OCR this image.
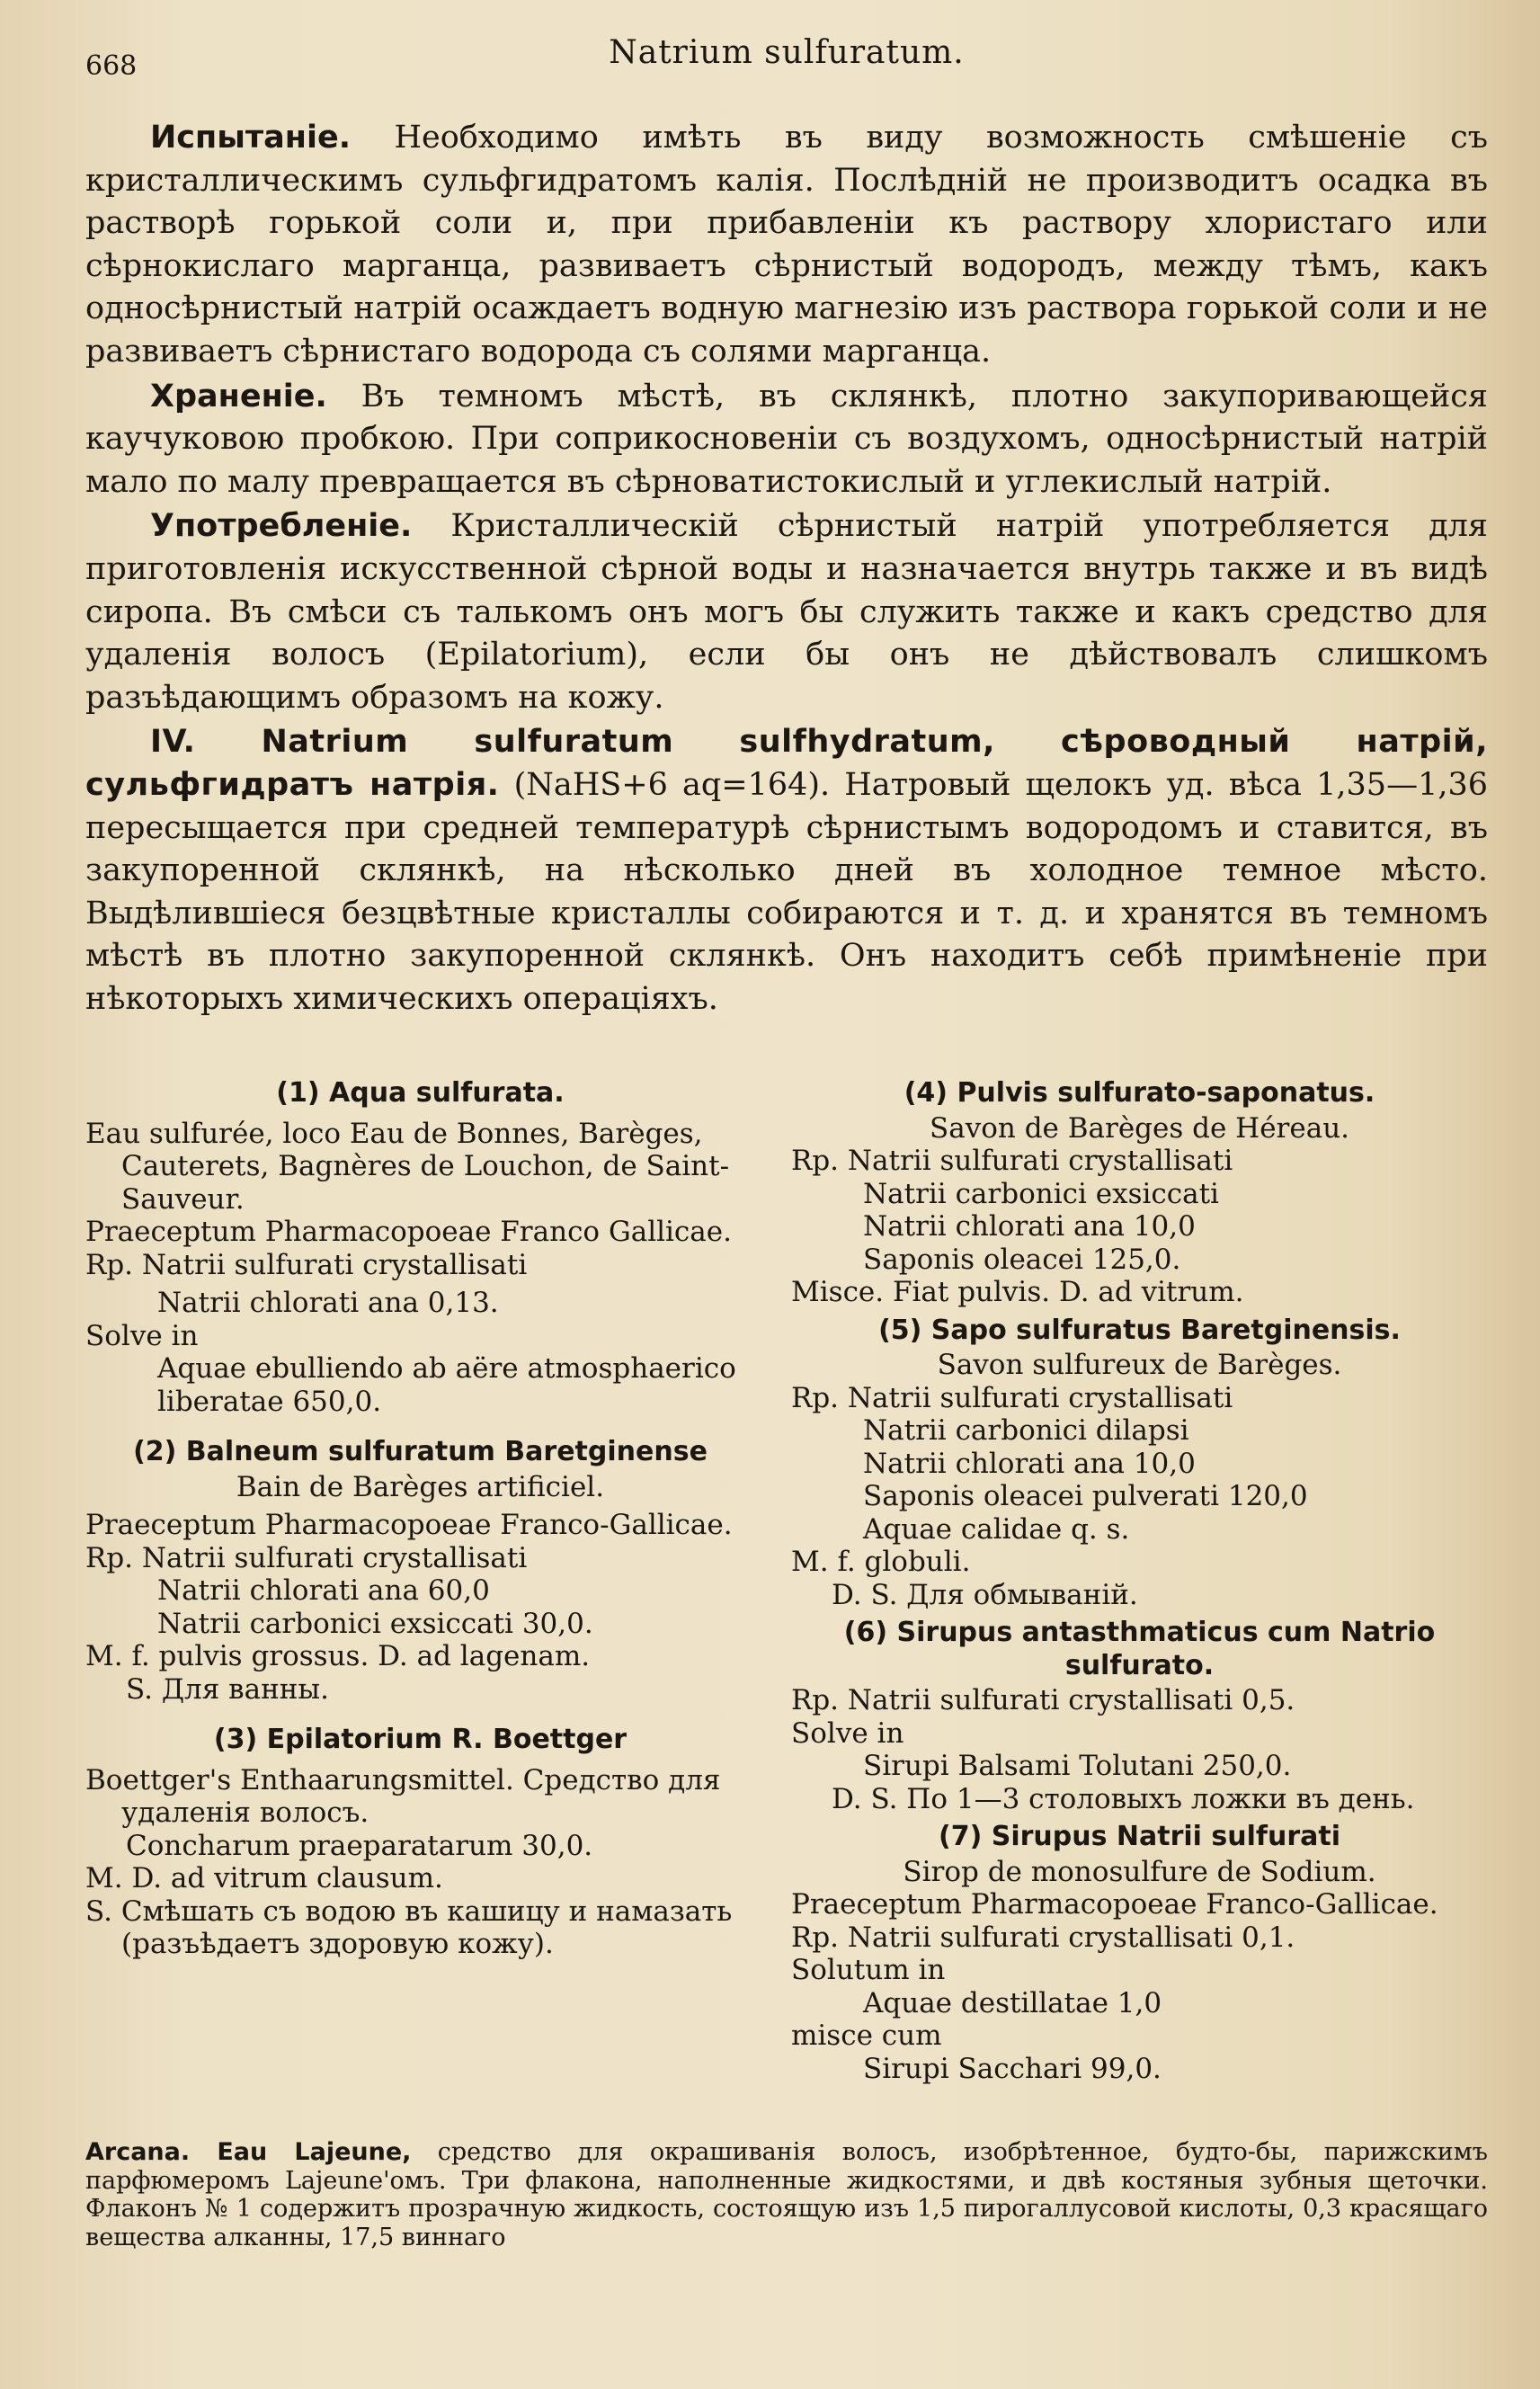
668	Natrium sulfuratum.

Испытаніе. Необходимо имѣть въ виду возможность смѣшеніе съ кристаллическимъ сульфгидратомъ калія. Послѣдній не производитъ осадка въ растворѣ горькой соли и, при прибавленіи къ раствору хлористаго или сѣрнокислаго марганца, развиваетъ сѣрнистый водородъ, между тѣмъ, какъ односѣрнистый натрій осаждаетъ водную магнезію изъ раствора горькой соли и не развиваетъ сѣрнистаго водорода съ солями марганца.

Храненіе. Въ темномъ мѣстѣ, въ склянкѣ, плотно закупоривающейся каучуковою пробкою. При соприкосновеніи съ воздухомъ, односѣрнистый натрій мало по малу превращается въ сѣрноватистокислый и углекислый натрій.

Употребленіе. Кристаллическій сѣрнистый натрій употребляется для приготовленія искусственной сѣрной воды и назначается внутрь также и въ видѣ сиропа. Въ смѣси съ талькомъ онъ могъ бы служить также и какъ средство для удаленія волосъ (Epilatorium), если бы онъ не дѣйствовалъ слишкомъ разъѣдающимъ образомъ на кожу.

IV. Natrium sulfuratum sulfhydratum, сѣроводный натрій, сульфгидратъ натрія. (NaHS+6 aq=164). Натровый щелокъ уд. вѣса 1,35—1,36 пересыщается при средней температурѣ сѣрнистымъ водородомъ и ставится, въ закупоренной склянкѣ, на нѣсколько дней въ холодное темное мѣсто. Выдѣлившіеся безцвѣтные кристаллы собираются и т. д. и хранятся въ темномъ мѣстѣ въ плотно закупоренной склянкѣ. Онъ находитъ себѣ примѣненіе при нѣкоторыхъ химическихъ операціяхъ.

(1) Aqua sulfurata.
Eau sulfurée, loco Eau de Bonnes, Barèges, Cauterets, Bagnères de Louchon, de Saint-Sauveur.
Praeceptum Pharmacopoeae Franco Gallicae.
Rp. Natrii sulfurati crystallisati
Natrii chlorati ana 0,13.
Solve in
Aquae ebulliendo ab aëre atmosphaerico liberatae 650,0.
(2) Balneum sulfuratum Baretginense
Bain de Barèges artificiel.
Praeceptum Pharmacopoeae Franco-Gallicae.
Rp. Natrii sulfurati crystallisati
Natrii chlorati ana 60,0
Natrii carbonici exsiccati 30,0.
M. f. pulvis grossus. D. ad lagenam.
S. Для ванны.
(3) Epilatorium R. Boettger
Boettger's Enthaarungsmittel. Средство для удаленія волосъ.
Concharum praeparatarum 30,0.
M. D. ad vitrum clausum.
S. Смѣшать съ водою въ кашицу и намазать (разъѣдаетъ здоровую кожу).
(4) Pulvis sulfurato-saponatus.
Savon de Barèges de Héreau.
Rp. Natrii sulfurati crystallisati
Natrii carbonici exsiccati
Natrii chlorati ana 10,0
Saponis oleacei 125,0.
Misce. Fiat pulvis. D. ad vitrum.
(5) Sapo sulfuratus Baretginensis.
Savon sulfureux de Barèges.
Rp. Natrii sulfurati crystallisati
Natrii carbonici dilapsi
Natrii chlorati ana 10,0
Saponis oleacei pulverati 120,0
Aquae calidae q. s.
M. f. globuli.
D. S. Для обмываній.
(6) Sirupus antasthmaticus cum Natrio sulfurato.
Rp. Natrii sulfurati crystallisati 0,5.
Solve in
Sirupi Balsami Tolutani 250,0.
D. S. По 1—3 столовыхъ ложки въ день.
(7) Sirupus Natrii sulfurati
Sirop de monosulfure de Sodium.
Praeceptum Pharmacopoeae Franco-Gallicae.
Rp. Natrii sulfurati crystallisati 0,1.
Solutum in
Aquae destillatae 1,0
misce cum
Sirupi Sacchari 99,0.
Arcana. Eau Lajeune, средство для окрашиванія волосъ, изобрѣтенное, будто-бы, парижскимъ парфюмеромъ Lajeune'омъ. Три флакона, наполненные жидкостями, и двѣ костяныя зубныя щеточки. Флаконъ № 1 содержитъ прозрачную жидкость, состоящую изъ 1,5 пирогаллусовой кислоты, 0,3 красящаго вещества алканны, 17,5 виннаго
